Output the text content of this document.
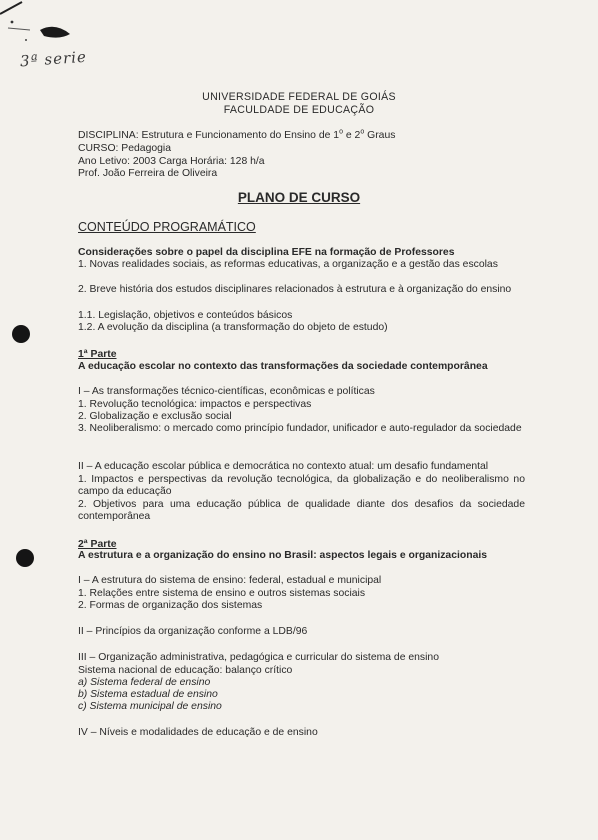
3ª serie
UNIVERSIDADE FEDERAL DE GOIÁS
FACULDADE DE EDUCAÇÃO
DISCIPLINA: Estrutura e Funcionamento do Ensino de 1$^o$ e 2$^o$ Graus
CURSO: Pedagogia
Ano Letivo: 2003 Carga Horária: 128 h/a
Prof. João Ferreira de Oliveira
PLANO DE CURSO
CONTEÚDO PROGRAMÁTICO
Considerações sobre o papel da disciplina EFE na formação de Professores
1. Novas realidades sociais, as reformas educativas, a organização e a gestão das escolas
2. Breve história dos estudos disciplinares relacionados à estrutura e à organização do ensino
1.1. Legislação, objetivos e conteúdos básicos
1.2. A evolução da disciplina (a transformação do objeto de estudo)
1ª Parte
A educação escolar no contexto das transformações da sociedade contemporânea
I – As transformações técnico-científicas, econômicas e políticas
1. Revolução tecnológica: impactos e perspectivas
2. Globalização e exclusão social
3. Neoliberalismo: o mercado como princípio fundador, unificador e auto-regulador da sociedade
II – A educação escolar pública e democrática no contexto atual: um desafio fundamental
1. Impactos e perspectivas da revolução tecnológica, da globalização e do neoliberalismo no campo da educação
2. Objetivos para uma educação pública de qualidade diante dos desafios da sociedade contemporânea
2ª Parte
A estrutura e a organização do ensino no Brasil: aspectos legais e organizacionais
I – A estrutura do sistema de ensino: federal, estadual e municipal
1. Relações entre sistema de ensino e outros sistemas sociais
2. Formas de organização dos sistemas
II – Princípios da organização conforme a LDB/96
III – Organização administrativa, pedagógica e curricular do sistema de ensino
Sistema nacional de educação: balanço crítico
a) Sistema federal de ensino
b) Sistema estadual de ensino
c) Sistema municipal de ensino
IV – Níveis e modalidades de educação e de ensino
